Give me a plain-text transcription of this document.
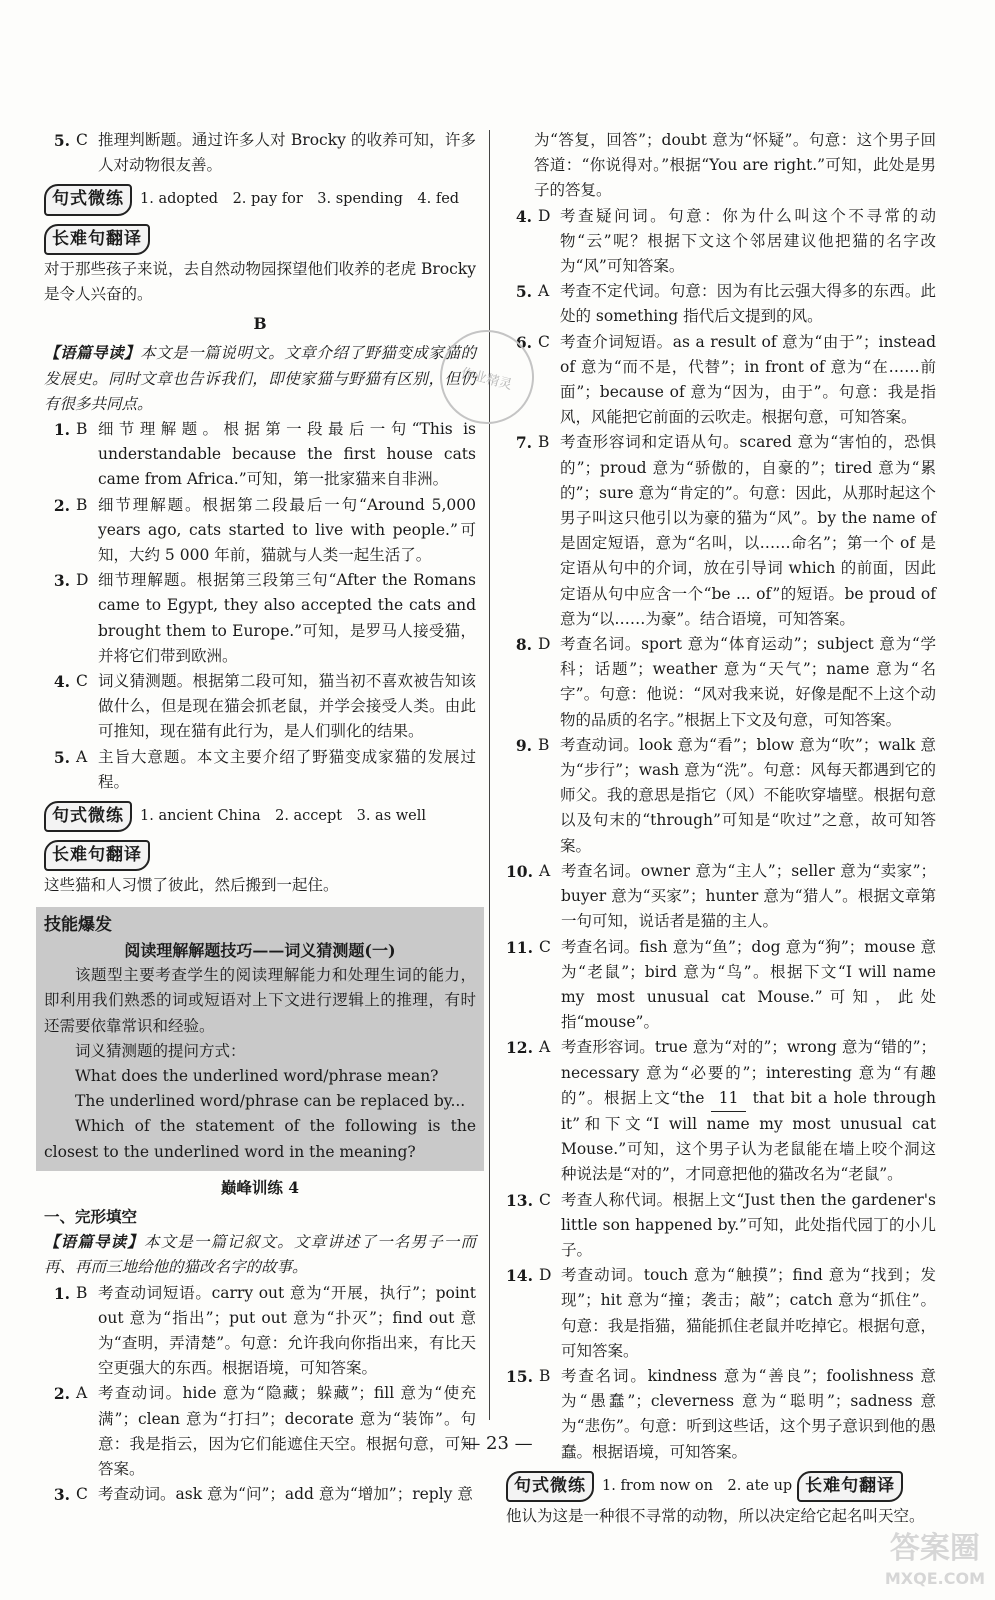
5. C 推理判断题。通过许多人对 Brocky 的收养可知，许多人对动物很友善。
句式微练	1. adopted　2. pay for　3. spending　4. fed

长难句翻译
对于那些孩子来说，去自然动物园探望他们收养的老虎 Brocky 是令人兴奋的。
B
【语篇导读】本文是一篇说明文。文章介绍了野猫变成家猫的发展史。同时文章也告诉我们，即使家猫与野猫有区别，但仍有很多共同点。
1. B 细节理解题。根据第一段最后一句“This is understandable because the first house cats came from Africa.”可知，第一批家猫来自非洲。
2. B 细节理解题。根据第二段最后一句“Around 5,000 years ago, cats started to live with people.”可知，大约 5 000 年前，猫就与人类一起生活了。
3. D 细节理解题。根据第三段第三句“After the Romans came to Egypt, they also accepted the cats and brought them to Europe.”可知，是罗马人接受猫，并将它们带到欧洲。
4. C 词义猜测题。根据第二段可知，猫当初不喜欢被告知该做什么，但是现在猫会抓老鼠，并学会接受人类。由此可推知，现在猫有此行为，是人们驯化的结果。
5. A 主旨大意题。本文主要介绍了野猫变成家猫的发展过程。
句式微练	1. ancient China　2. accept　3. as well

长难句翻译
这些猫和人习惯了彼此，然后搬到一起住。
技能爆发
阅读理解解题技巧——词义猜测题(一)
该题型主要考查学生的阅读理解能力和处理生词的能力，即利用我们熟悉的词或短语对上下文进行逻辑上的推理，有时还需要依靠常识和经验。
词义猜测题的提问方式：
What does the underlined word/phrase mean?
The underlined word/phrase can be replaced by...
Which of the statement of the following is the closest to the underlined word in the meaning?
巅峰训练 4
一、完形填空
【语篇导读】本文是一篇记叙文。文章讲述了一名男子一而再、再而三地给他的猫改名字的故事。
1. B 考查动词短语。carry out 意为“开展，执行”；point out 意为“指出”；put out 意为“扑灭”；find out 意为“查明，弄清楚”。句意：允许我向你指出来，有比天空更强大的东西。根据语境，可知答案。
2. A 考查动词。hide 意为“隐藏；躲藏”；fill 意为“使充满”；clean 意为“打扫”；decorate 意为“装饰”。句意：我是指云，因为它们能遮住天空。根据句意，可知答案。
3. C 考查动词。ask 意为“问”；add 意为“增加”；reply 意
为“答复，回答”；doubt 意为“怀疑”。句意：这个男子回答道：“你说得对。”根据“You are right.”可知，此处是男子的答复。
4. D 考查疑问词。句意：你为什么叫这个不寻常的动物“云”呢？根据下文这个邻居建议他把猫的名字改为“风”可知答案。
5. A 考查不定代词。句意：因为有比云强大得多的东西。此处的 something 指代后文提到的风。
6. C 考查介词短语。as a result of 意为“由于”；instead of 意为“而不是，代替”；in front of 意为“在……前面”；because of 意为“因为，由于”。句意：我是指风，风能把它前面的云吹走。根据句意，可知答案。
7. B 考查形容词和定语从句。scared 意为“害怕的，恐惧的”；proud 意为“骄傲的，自豪的”；tired 意为“累的”；sure 意为“肯定的”。句意：因此，从那时起这个男子叫这只他引以为豪的猫为“风”。by the name of 是固定短语，意为“名叫，以……命名”；第一个 of 是定语从句中的介词，放在引导词 which 的前面，因此定语从句中应含一个“be ... of”的短语。be proud of 意为“以……为豪”。结合语境，可知答案。
8. D 考查名词。sport 意为“体育运动”；subject 意为“学科；话题”；weather 意为“天气”；name 意为“名字”。句意：他说：“风对我来说，好像是配不上这个动物的品质的名字。”根据上下文及句意，可知答案。
9. B 考查动词。look 意为“看”；blow 意为“吹”；walk 意为“步行”；wash 意为“洗”。句意：风每天都遇到它的师父。我的意思是指它（风）不能吹穿墙壁。根据句意以及句末的“through”可知是“吹过”之意，故可知答案。
10. A 考查名词。owner 意为“主人”；seller 意为“卖家”；buyer 意为“买家”；hunter 意为“猎人”。根据文章第一句可知，说话者是猫的主人。
11. C 考查名词。fish 意为“鱼”；dog 意为“狗”；mouse 意为“老鼠”；bird 意为“鸟”。根据下文“I will name my most unusual cat Mouse.”可知，此处指“mouse”。
12. A 考查形容词。true 意为“对的”；wrong 意为“错的”；necessary 意为“必要的”；interesting 意为“有趣的”。根据上文“the 11 that bit a hole through it”和下文“I will name my most unusual cat Mouse.”可知，这个男子认为老鼠能在墙上咬个洞这种说法是“对的”，才同意把他的猫改名为“老鼠”。
13. C 考查人称代词。根据上文“Just then the gardener's little son happened by.”可知，此处指代园丁的小儿子。
14. D 考查动词。touch 意为“触摸”；find 意为“找到；发现”；hit 意为“撞；袭击；敲”；catch 意为“抓住”。句意：我是指猫，猫能抓住老鼠并吃掉它。根据句意，可知答案。
15. B 考查名词。kindness 意为“善良”；foolishness 意为“愚蠢”；cleverness 意为“聪明”；sadness 意为“悲伤”。句意：听到这些话，这个男子意识到他的愚蠢。根据语境，可知答案。
句式微练	1. from now on　2. ate up
长难句翻译
他认为这是一种很不寻常的动物，所以决定给它起名叫天空。
作业精灵
— 23 —
答案圈
MXQE.COM
